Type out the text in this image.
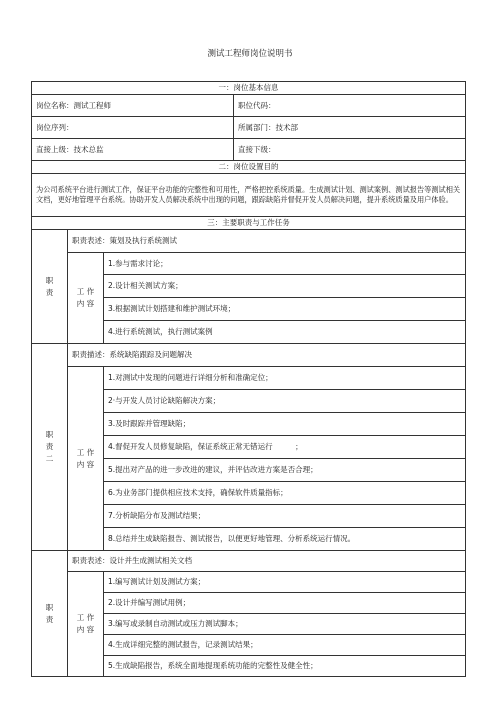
测试工程师岗位说明书
一：岗位基本信息			
岗位名称：测试工程师			职位代码：
岗位序列：			所属部门：技术部
直接上级：技术总监			直接下级：
二：岗位设置目的			
为公司系统平台进行测试工作，保证平台功能的完整性和可用性，严格把控系统质量。生成测试计划、测试案例、测试报告等测试相关文档，更好地管理平台系统。协助开发人员解决系统中出现的问题，跟踪缺陷并督促开发人员解决问题，提升系统质量及用户体验。			
三：主要职责与工作任务			
职
责	职责表述：策划及执行系统测试		
	工 作
内 容	1.参与需求讨论；	
		2.设计相关测试方案；	
		3.根据测试计划搭建和维护测试环境；	
		4.进行系统测试，执行测试案例	
职
责
二	职责描述：系统缺陷跟踪及问题解决		
	工 作
内 容	1.对测试中发现的问题进行详细分析和准确定位；	
		2·与开发人员讨论缺陷解决方案；	
		3.及时跟踪并管理缺陷；	
		4.督促开发人员修复缺陷，保证系统正常无错运行　　　；	
		5.提出对产品的进一步改进的建议，并评估改进方案是否合理；	
		6.为业务部门提供相应技术支持，确保软件质量指标；	
		7.分析缺陷分布及测试结果；	
		8.总结并生成缺陷报告、测试报告，以便更好地管理、分析系统运行情况。	
职
责	职责表述：设计并生成测试相关文档		
	工 作
内 容	1.编写测试计划及测试方案；	
		2.设计并编写测试用例；	
		3.编写或录制自动测试或压力测试脚本；	
		4.生成详细完整的测试报告，记录测试结果；	
		5.生成缺陷报告，系统全面地提现系统功能的完整性及健全性；	
